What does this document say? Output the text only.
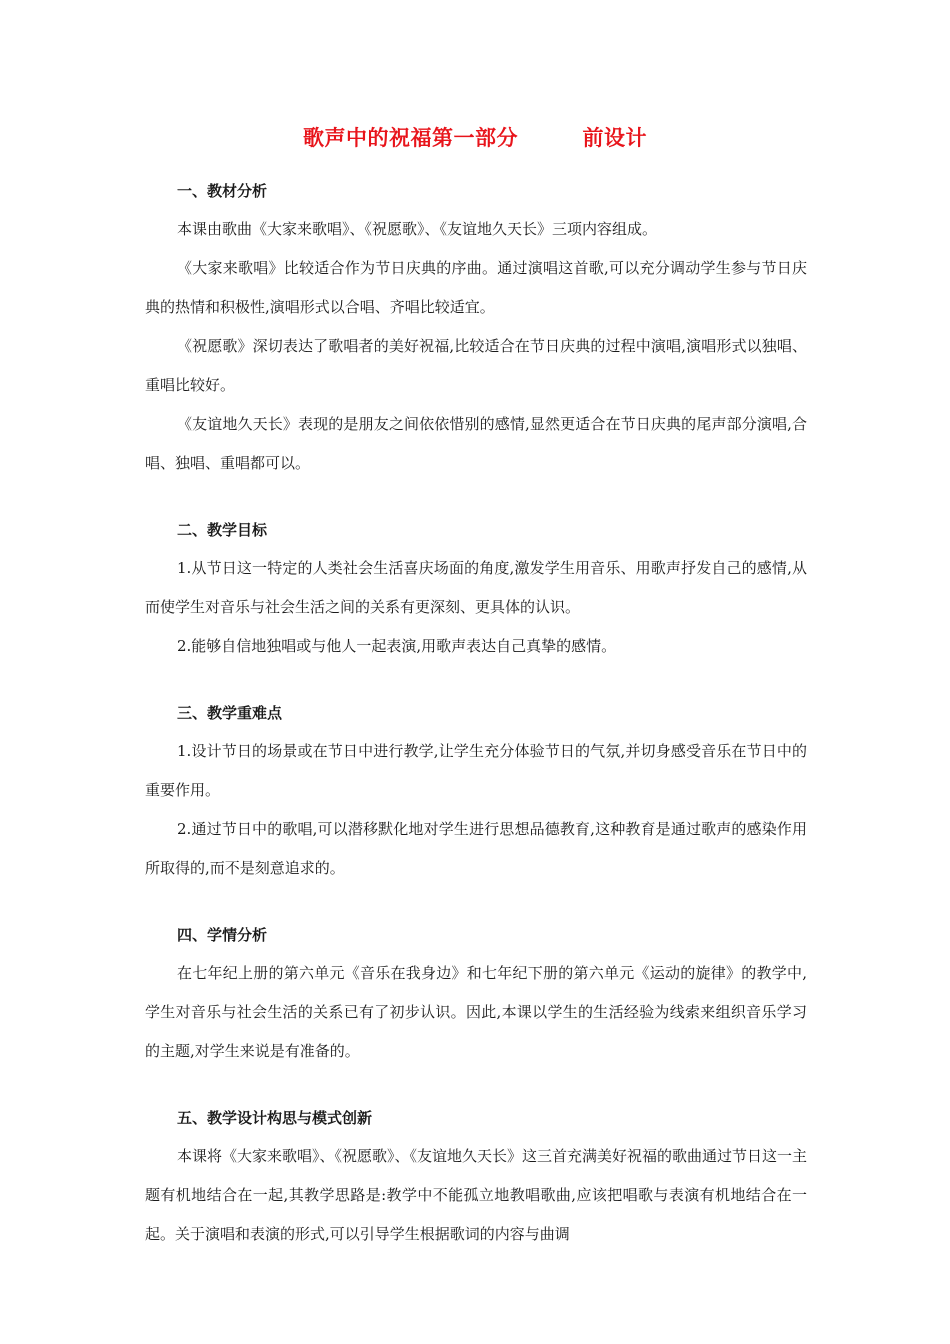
歌声中的祝福第一部分　　　前设计

一、教材分析

本课由歌曲《大家来歌唱》、《祝愿歌》、《友谊地久天长》三项内容组成。

《大家来歌唱》比较适合作为节日庆典的序曲。通过演唱这首歌,可以充分调动学生参与节日庆典的热情和积极性,演唱形式以合唱、齐唱比较适宜。

《祝愿歌》深切表达了歌唱者的美好祝福,比较适合在节日庆典的过程中演唱,演唱形式以独唱、重唱比较好。

《友谊地久天长》表现的是朋友之间依依惜别的感情,显然更适合在节日庆典的尾声部分演唱,合唱、独唱、重唱都可以。

二、教学目标

1.从节日这一特定的人类社会生活喜庆场面的角度,激发学生用音乐、用歌声抒发自己的感情,从而使学生对音乐与社会生活之间的关系有更深刻、更具体的认识。

2.能够自信地独唱或与他人一起表演,用歌声表达自己真挚的感情。

三、教学重难点

1.设计节日的场景或在节日中进行教学,让学生充分体验节日的气氛,并切身感受音乐在节日中的重要作用。

2.通过节日中的歌唱,可以潜移默化地对学生进行思想品德教育,这种教育是通过歌声的感染作用所取得的,而不是刻意追求的。

四、学情分析

在七年纪上册的第六单元《音乐在我身边》和七年纪下册的第六单元《运动的旋律》的教学中,学生对音乐与社会生活的关系已有了初步认识。因此,本课以学生的生活经验为线索来组织音乐学习的主题,对学生来说是有准备的。

五、教学设计构思与模式创新

本课将《大家来歌唱》、《祝愿歌》、《友谊地久天长》这三首充满美好祝福的歌曲通过节日这一主题有机地结合在一起,其教学思路是:教学中不能孤立地教唱歌曲,应该把唱歌与表演有机地结合在一起。关于演唱和表演的形式,可以引导学生根据歌词的内容与曲调
